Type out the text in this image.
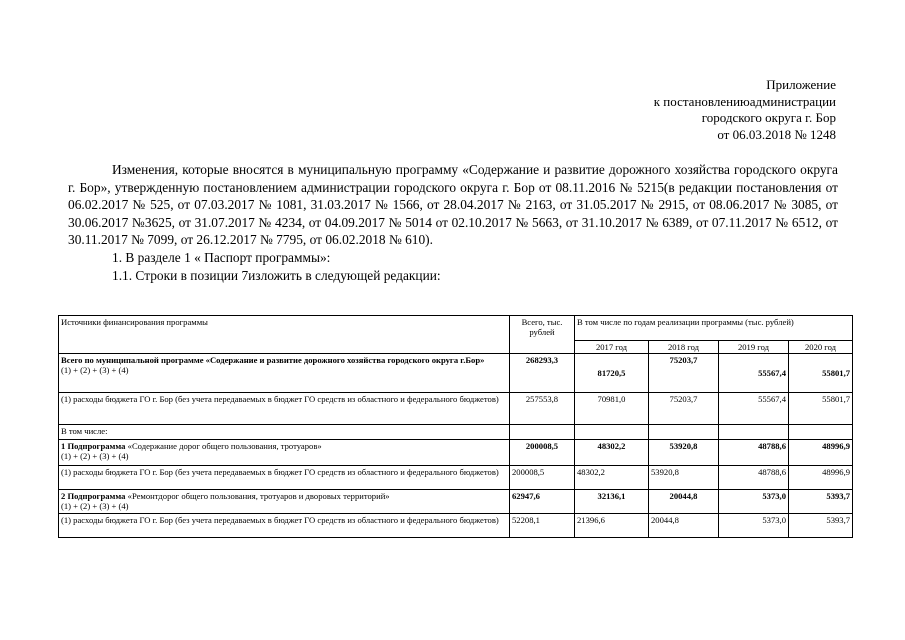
Приложение
к постановлениюадминистрации
городского округа г. Бор
от 06.03.2018 № 1248

Изменения, которые вносятся в муниципальную программу «Содержание и развитие дорожного хозяйства городского округа г. Бор», утвержденную постановлением администрации городского округа г. Бор от 08.11.2016 № 5215(в редакции постановления от 06.02.2017 № 525, от 07.03.2017 № 1081, 31.03.2017 № 1566, от 28.04.2017 № 2163, от 31.05.2017 № 2915, от 08.06.2017 № 3085, от 30.06.2017 №3625, от 31.07.2017 № 4234, от 04.09.2017 № 5014 от 02.10.2017 № 5663, от 31.10.2017 № 6389, от 07.11.2017 № 6512, от 30.11.2017 № 7099, от 26.12.2017 № 7795, от 06.02.2018 № 610).

1. В разделе 1 « Паспорт программы»:

1.1. Строки в позиции 7изложить в следующей редакции:

Источники финансирования программы	Всего, тыс. рублей	В том числе по годам реализации программы (тыс. рублей)			
		2017 год	2018 год	2019 год	2020 год
Всего по муниципальной программе «Содержание и развитие дорожного хозяйства городского округа г.Бор»
(1) + (2) + (3) + (4)	268293,3	81720,5	75203,7	55567,4	55801,7
(1) расходы бюджета ГО г. Бор (без учета передаваемых в бюджет ГО средств из областного и федерального бюджетов)	257553,8	70981,0	75203,7	55567,4	55801,7
В том числе:					
1 Подпрограмма «Содержание дорог общего пользования, тротуаров»
(1) + (2) + (3) + (4)	200008,5	48302,2	53920,8	48788,6	48996,9
(1) расходы бюджета ГО г. Бор (без учета передаваемых в бюджет ГО средств из областного и федерального бюджетов)	200008,5	48302,2	53920,8	48788,6	48996,9
2 Подпрограмма «Ремонтдорог общего пользования, тротуаров и дворовых территорий»
(1) + (2) + (3) + (4)	62947,6	32136,1	20044,8	5373,0	5393,7
(1) расходы бюджета ГО г. Бор (без учета передаваемых в бюджет ГО средств из областного и федерального бюджетов)	52208,1	21396,6	20044,8	5373,0	5393,7
